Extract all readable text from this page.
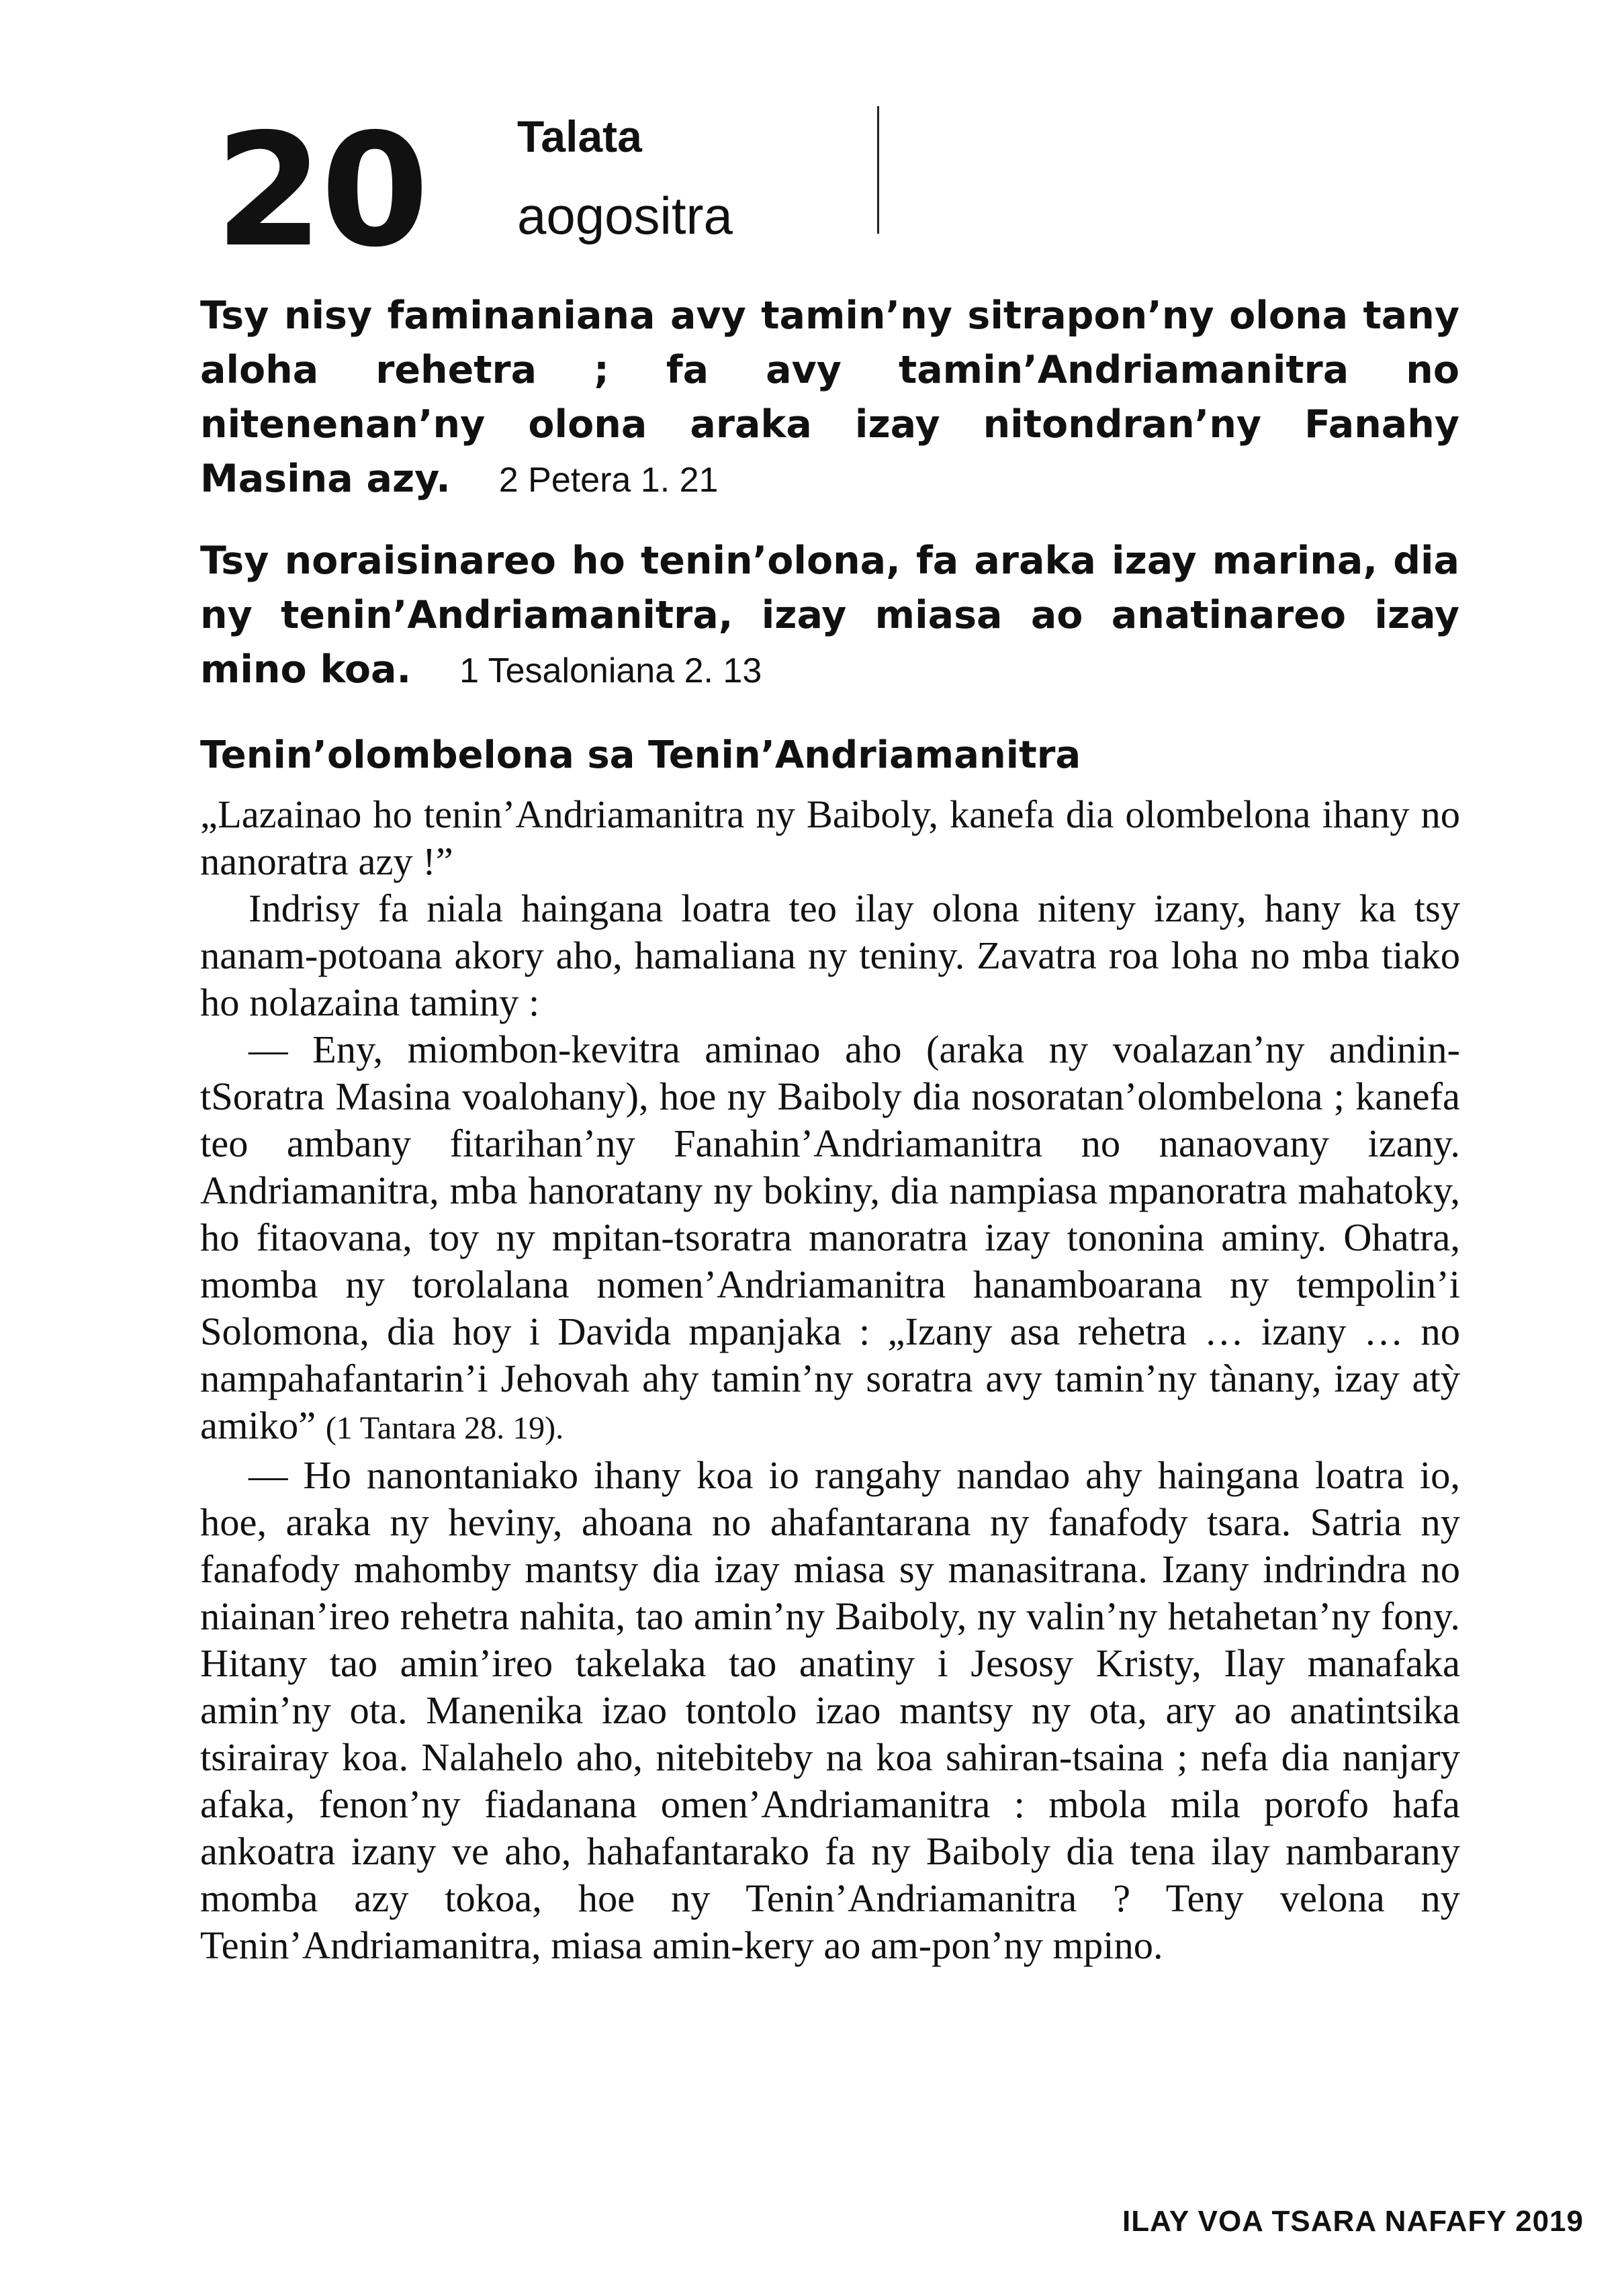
20 Talata
aogositra

Tsy nisy faminaniana avy tamin’ny sitrapon’ny olona tany aloha rehetra ; fa avy tamin’Andriamanitra no nitenenan’ny olona araka izay nitondran’ny Fanahy Masina azy. 2 Petera 1. 21

Tsy noraisinareo ho tenin’olona, fa araka izay marina, dia ny tenin’Andriamanitra, izay miasa ao anatinareo izay mino koa. 1 Tesaloniana 2. 13

Tenin’olombelona sa Tenin’Andriamanitra

„Lazainao ho tenin’Andriamanitra ny Baiboly, kanefa dia olombelona ihany no nanoratra azy !”

Indrisy fa niala haingana loatra teo ilay olona niteny izany, hany ka tsy nanam-potoana akory aho, hamaliana ny teniny. Zavatra roa loha no mba tiako ho nolazaina taminy :

— Eny, miombon-kevitra aminao aho (araka ny voalazan’ny andinin-tSoratra Masina voalohany), hoe ny Baiboly dia nosoratan’olombelona ; kanefa teo ambany fitarihan’ny Fanahin’Andriamanitra no nanaovany izany. Andriamanitra, mba hanoratany ny bokiny, dia nampiasa mpanoratra mahatoky, ho fitaovana, toy ny mpitan-tsoratra manoratra izay tononina aminy. Ohatra, momba ny torolalana nomen’Andriamanitra hanamboarana ny tempolin’i Solomona, dia hoy i Davida mpanjaka : „Izany asa rehetra … izany … no nampahafantarin’i Jehovah ahy tamin’ny soratra avy tamin’ny tànany, izay atỳ amiko” (1 Tantara 28. 19).

— Ho nanontaniako ihany koa io rangahy nandao ahy haingana loatra io, hoe, araka ny heviny, ahoana no ahafantarana ny fanafody tsara. Satria ny fanafody mahomby mantsy dia izay miasa sy manasitrana. Izany indrindra no niainan’ireo rehetra nahita, tao amin’ny Baiboly, ny valin’ny hetahetan’ny fony. Hitany tao amin’ireo takelaka tao anatiny i Jesosy Kristy, Ilay manafaka amin’ny ota. Manenika izao tontolo izao mantsy ny ota, ary ao anatintsika tsirairay koa. Nalahelo aho, nitebiteby na koa sahiran-tsaina ; nefa dia nanjary afaka, fenon’ny fiadanana omen’Andriamanitra : mbola mila porofo hafa ankoatra izany ve aho, hahafantarako fa ny Baiboly dia tena ilay nambarany momba azy tokoa, hoe ny Tenin’Andriamanitra ? Teny velona ny Tenin’Andriamanitra, miasa amin-kery ao am-pon’ny mpino.

ILAY VOA TSARA NAFAFY 2019
